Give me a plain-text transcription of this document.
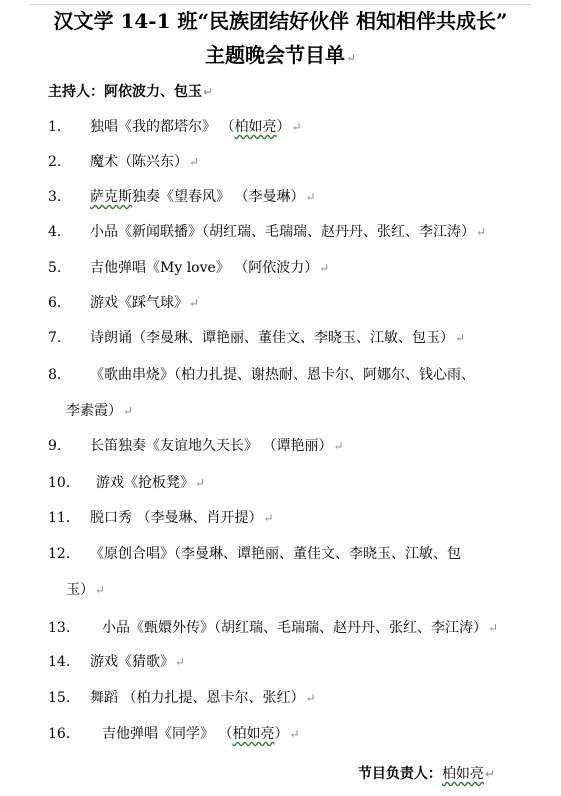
汉文学 14-1 班“民族团结好伙伴 相知相伴共成长”
主题晚会节目单↵
主持人：阿依波力、包玉↵
1. 独唱《我的都塔尔》 （柏如亮）↵
2. 魔术（陈兴东）↵
3. 萨克斯独奏《望春风》 （李曼琳）↵
4. 小品《新闻联播》（胡红瑞、毛瑞瑞、赵丹丹、张红、李江涛）↵
5. 吉他弹唱《My love》 （阿依波力）↵
6. 游戏《踩气球》↵
7. 诗朗诵（李曼琳、谭艳丽、董佳文、李晓玉、江敏、包玉）↵
8. 《歌曲串烧》（柏力扎提、谢热耐、恩卡尔、阿娜尔、钱心雨、
李素霞）↵
9. 长笛独奏《友谊地久天长》 （谭艳丽）↵
10. 游戏《抢板凳》↵
11. 脱口秀 （李曼琳、肖开提）↵
12. 《原创合唱》（李曼琳、谭艳丽、董佳文、李晓玉、江敏、包
玉）↵
13. 小品《甄嬛外传》（胡红瑞、毛瑞瑞、赵丹丹、张红、李江涛）↵
14. 游戏《猜歌》↵
15. 舞蹈 （柏力扎提、恩卡尔、张红）↵
16. 吉他弹唱《同学》 （柏如亮）↵
节目负责人：柏如亮↵
